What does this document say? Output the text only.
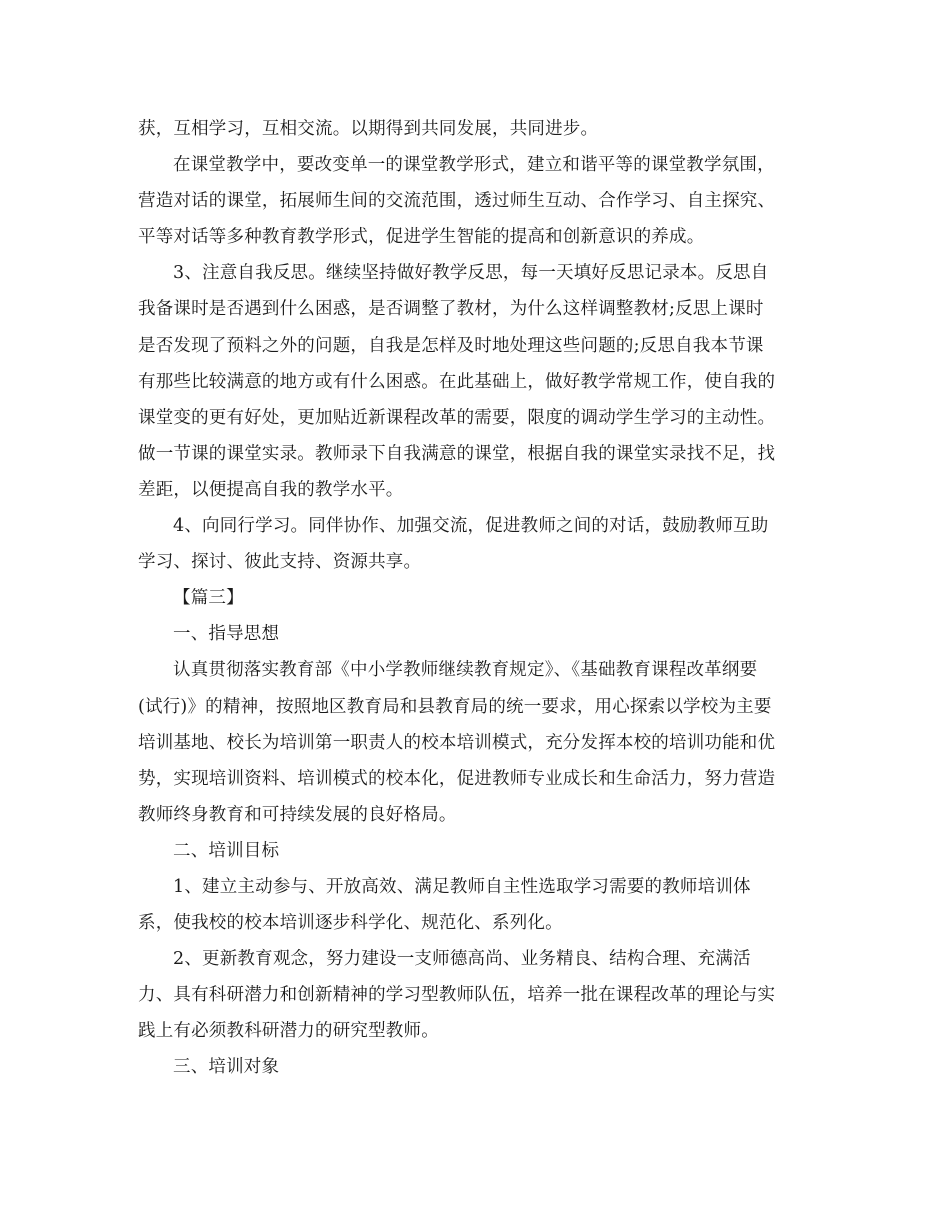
获，互相学习，互相交流。以期得到共同发展，共同进步。
在课堂教学中，要改变单一的课堂教学形式，建立和谐平等的课堂教学氛围，
营造对话的课堂，拓展师生间的交流范围，透过师生互动、合作学习、自主探究、
平等对话等多种教育教学形式，促进学生智能的提高和创新意识的养成。
3、注意自我反思。继续坚持做好教学反思，每一天填好反思记录本。反思自
我备课时是否遇到什么困惑，是否调整了教材，为什么这样调整教材;反思上课时
是否发现了预料之外的问题，自我是怎样及时地处理这些问题的;反思自我本节课
有那些比较满意的地方或有什么困惑。在此基础上，做好教学常规工作，使自我的
课堂变的更有好处，更加贴近新课程改革的需要，限度的调动学生学习的主动性。
做一节课的课堂实录。教师录下自我满意的课堂，根据自我的课堂实录找不足，找
差距，以便提高自我的教学水平。
4、向同行学习。同伴协作、加强交流，促进教师之间的对话，鼓励教师互助
学习、探讨、彼此支持、资源共享。
【篇三】
一、指导思想
认真贯彻落实教育部《中小学教师继续教育规定》、《基础教育课程改革纲要
(试行)》的精神，按照地区教育局和县教育局的统一要求，用心探索以学校为主要
培训基地、校长为培训第一职责人的校本培训模式，充分发挥本校的培训功能和优
势，实现培训资料、培训模式的校本化，促进教师专业成长和生命活力，努力营造
教师终身教育和可持续发展的良好格局。
二、培训目标
1、建立主动参与、开放高效、满足教师自主性选取学习需要的教师培训体
系，使我校的校本培训逐步科学化、规范化、系列化。
2、更新教育观念，努力建设一支师德高尚、业务精良、结构合理、充满活
力、具有科研潜力和创新精神的学习型教师队伍，培养一批在课程改革的理论与实
践上有必须教科研潜力的研究型教师。
三、培训对象
